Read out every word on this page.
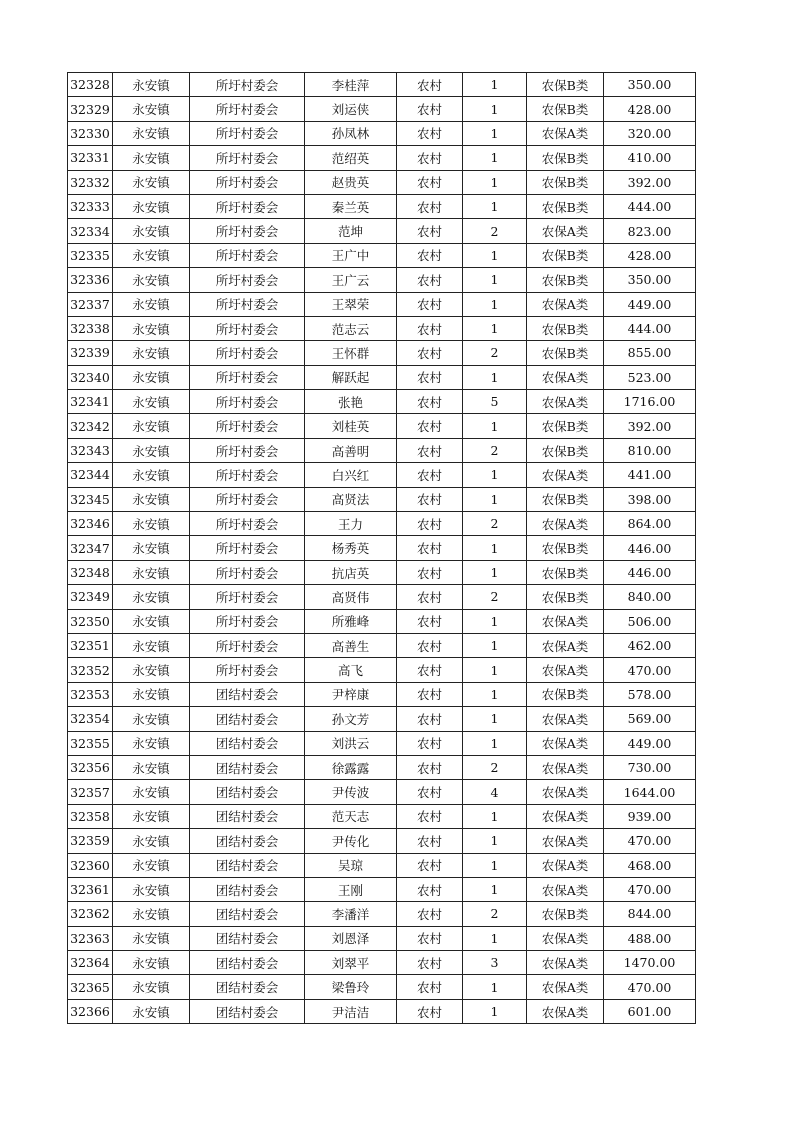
32328	永安镇	所圩村委会	李桂萍	农村	1	农保B类	350.00
32329	永安镇	所圩村委会	刘运侠	农村	1	农保B类	428.00
32330	永安镇	所圩村委会	孙凤林	农村	1	农保A类	320.00
32331	永安镇	所圩村委会	范绍英	农村	1	农保B类	410.00
32332	永安镇	所圩村委会	赵贵英	农村	1	农保B类	392.00
32333	永安镇	所圩村委会	秦兰英	农村	1	农保B类	444.00
32334	永安镇	所圩村委会	范坤	农村	2	农保A类	823.00
32335	永安镇	所圩村委会	王广中	农村	1	农保B类	428.00
32336	永安镇	所圩村委会	王广云	农村	1	农保B类	350.00
32337	永安镇	所圩村委会	王翠荣	农村	1	农保A类	449.00
32338	永安镇	所圩村委会	范志云	农村	1	农保B类	444.00
32339	永安镇	所圩村委会	王怀群	农村	2	农保B类	855.00
32340	永安镇	所圩村委会	解跃起	农村	1	农保A类	523.00
32341	永安镇	所圩村委会	张艳	农村	5	农保A类	1716.00
32342	永安镇	所圩村委会	刘桂英	农村	1	农保B类	392.00
32343	永安镇	所圩村委会	高善明	农村	2	农保B类	810.00
32344	永安镇	所圩村委会	白兴红	农村	1	农保A类	441.00
32345	永安镇	所圩村委会	高贤法	农村	1	农保B类	398.00
32346	永安镇	所圩村委会	王力	农村	2	农保A类	864.00
32347	永安镇	所圩村委会	杨秀英	农村	1	农保B类	446.00
32348	永安镇	所圩村委会	抗店英	农村	1	农保B类	446.00
32349	永安镇	所圩村委会	高贤伟	农村	2	农保B类	840.00
32350	永安镇	所圩村委会	所雅峰	农村	1	农保A类	506.00
32351	永安镇	所圩村委会	高善生	农村	1	农保A类	462.00
32352	永安镇	所圩村委会	高飞	农村	1	农保A类	470.00
32353	永安镇	团结村委会	尹梓康	农村	1	农保B类	578.00
32354	永安镇	团结村委会	孙文芳	农村	1	农保A类	569.00
32355	永安镇	团结村委会	刘洪云	农村	1	农保A类	449.00
32356	永安镇	团结村委会	徐露露	农村	2	农保A类	730.00
32357	永安镇	团结村委会	尹传波	农村	4	农保A类	1644.00
32358	永安镇	团结村委会	范天志	农村	1	农保A类	939.00
32359	永安镇	团结村委会	尹传化	农村	1	农保A类	470.00
32360	永安镇	团结村委会	吴琼	农村	1	农保A类	468.00
32361	永安镇	团结村委会	王刚	农村	1	农保A类	470.00
32362	永安镇	团结村委会	李潘洋	农村	2	农保B类	844.00
32363	永安镇	团结村委会	刘恩泽	农村	1	农保A类	488.00
32364	永安镇	团结村委会	刘翠平	农村	3	农保A类	1470.00
32365	永安镇	团结村委会	梁鲁玲	农村	1	农保A类	470.00
32366	永安镇	团结村委会	尹洁洁	农村	1	农保A类	601.00
